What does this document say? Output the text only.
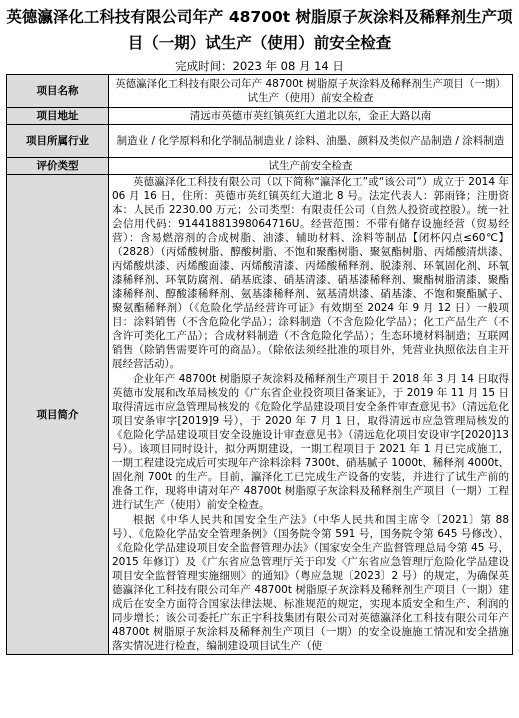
英德瀛泽化工科技有限公司年产 48700t 树脂原子灰涂料及稀释剂生产项目（一期）试生产（使用）前安全检查
完成时间：2023 年 08 月 14 日
项目名称	英德瀛泽化工科技有限公司年产 48700t 树脂原子灰涂料及稀释剂生产项目（一期）试生产（使用）前安全检查
项目地址	清远市英德市英红镇英红大道北以东，金正大路以南
项目所属行业	制造业 / 化学原料和化学制品制造业 / 涂料、油墨、颜料及类似产品制造 / 涂料制造
评价类型	试生产前安全检查
项目简介	英德瀛泽化工科技有限公司（以下简称“瀛泽化工”或“该公司”）成立于 2014 年 06 月 16 日，住所：英德市英红镇英红大道北 8 号。法定代表人：郭雨锋；注册资本：人民币 2230.00 万元；公司类型：有限责任公司（自然人投资或控股）。统一社会信用代码：91441881398064716U。经营范围：不带有储存设施经营（贸易经营）：含易燃溶剂的合成树脂、油漆、辅助材料、涂料等制品【闭杯闪点≤60℃】（2828）（丙烯酸树脂、醇酸树脂、不饱和聚酯树脂、聚氨酯树脂、丙烯酸清烘漆、丙烯酸烘漆、丙烯酸面漆、丙烯酸清漆、丙烯酸稀释剂、脱漆剂、环氧固化剂、环氧漆稀释剂、环氧防腐剂、硝基底漆、硝基清漆、硝基漆稀释剂、聚酯树脂清漆、聚酯漆稀释剂、醇酸漆稀释剂、氨基漆稀释剂、氨基清烘漆、硝基漆、不饱和聚酯腻子、聚氨酯稀释剂）（《危险化学品经营许可证》有效期至 2024 年 9 月 12 日）一般项目：涂料销售（不含危险化学品）；涂料制造（不含危险化学品）；化工产品生产（不含许可类化工产品）；合成材料制造（不含危险化学品）；生态环境材料制造；互联网销售（除销售需要许可的商品）。（除依法须经批准的项目外，凭营业执照依法自主开展经营活动）。

企业年产 48700t 树脂原子灰涂料及稀释剂生产项目于 2018 年 3 月 14 日取得英德市发展和改革局核发的《广东省企业投资项目备案证》，于 2019 年 11 月 15 日取得清远市应急管理局核发的《危险化学品建设项目安全条件审查意见书》（清远危化项目安条审字[2019]9 号），于 2020 年 7 月 1 日，取得清远市应急管理局核发的《危险化学品建设项目安全设施设计审查意见书》（清远危化项目安设审字[2020]13 号）。该项目同时设计，拟分两期建设，一期工程项目于 2021 年 1 月已完成施工，一期工程建设完成后可实现年产涂料涂料 7300t、硝基腻子 1000t、稀释剂 4000t、固化剂 700t 的生产。目前，瀛泽化工已完成生产设备的安装，并进行了试生产前的准备工作，现将申请对年产 48700t 树脂原子灰涂料及稀释剂生产项目（一期）工程进行试生产（使用）前安全检查。

根据《中华人民共和国安全生产法》（中华人民共和国主席令〔2021〕第 88 号）、《危险化学品安全管理条例》（国务院令第 591 号，国务院令第 645 号修改）、《危险化学品建设项目安全监督管理办法》（国家安全生产监督管理总局令第 45 号，2015 年修订）及《广东省应急管理厅关于印发〈广东省应急管理厅危险化学品建设项目安全监督管理实施细则〉的通知》（粤应急规〔2023〕2 号）的规定，为确保英德瀛泽化工科技有限公司年产 48700t 树脂原子灰涂料及稀释剂生产项目（一期）建成后在安全方面符合国家法律法规、标准规范的规定，实现本质安全和生产、利润的同步增长；该公司委托广东正宇科技集团有限公司对英德瀛泽化工科技有限公司年产 48700t 树脂原子灰涂料及稀释剂生产项目（一期）的安全设施施工情况和安全措施落实情况进行检查，编制建设项目试生产（使
